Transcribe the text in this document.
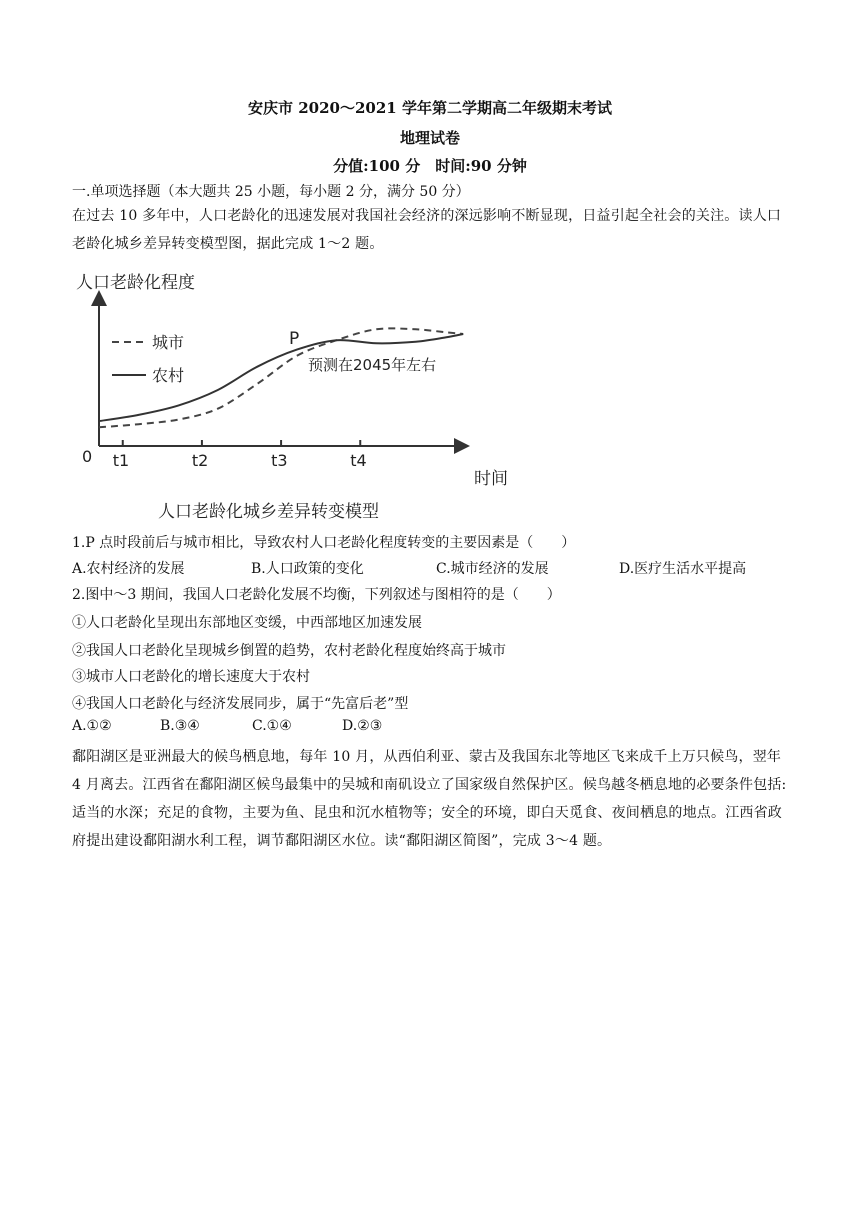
安庆市 2020～2021 学年第二学期高二年级期末考试
地理试卷
分值:100 分　时间:90 分钟
一.单项选择题（本大题共 25 小题，每小题 2 分，满分 50 分）
在过去 10 多年中，人口老龄化的迅速发展对我国社会经济的深远影响不断显现，日益引起全社会的关注。读人口老龄化城乡差异转变模型图，据此完成 1～2 题。
人口老龄化程度
时间
0 t1	t2	t3	t4
城市
农村
P
预测在2045年左右
人口老龄化城乡差异转变模型
1.P 点时段前后与城市相比，导致农村人口老龄化程度转变的主要因素是（　　）
A.农村经济的发展	B.人口政策的变化	C.城市经济的发展	D.医疗生活水平提高
2.图中～3 期间，我国人口老龄化发展不均衡，下列叙述与图相符的是（　　）
①人口老龄化呈现出东部地区变缓，中西部地区加速发展
②我国人口老龄化呈现城乡倒置的趋势，农村老龄化程度始终高于城市
③城市人口老龄化的增长速度大于农村
④我国人口老龄化与经济发展同步，属于“先富后老”型
A.①②	B.③④	C.①④	D.②③
鄱阳湖区是亚洲最大的候鸟栖息地，每年 10 月，从西伯利亚、蒙古及我国东北等地区飞来成千上万只候鸟，翌年 4 月离去。江西省在鄱阳湖区候鸟最集中的吴城和南矶设立了国家级自然保护区。候鸟越冬栖息地的必要条件包括:适当的水深；充足的食物，主要为鱼、昆虫和沉水植物等；安全的环境，即白天觅食、夜间栖息的地点。江西省政府提出建设鄱阳湖水利工程，调节鄱阳湖区水位。读“鄱阳湖区简图”，完成 3～4 题。
